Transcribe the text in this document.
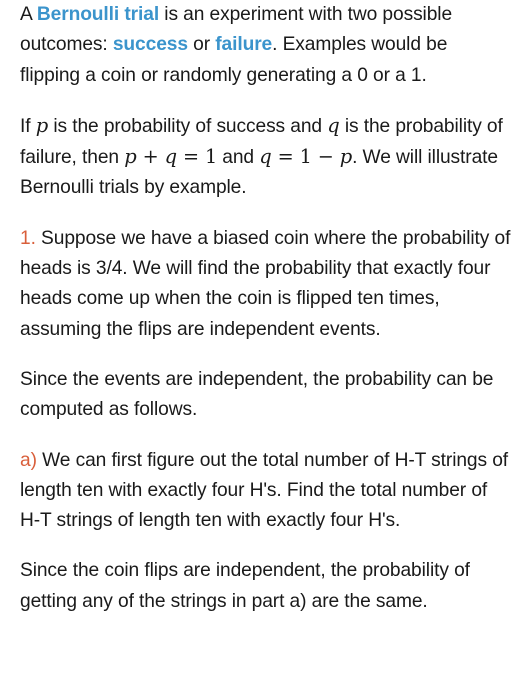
A Bernoulli trial is an experiment with two possible outcomes: success or failure. Examples would be flipping a coin or randomly generating a 0 or a 1.

If p is the probability of success and q is the probability of failure, then p + q = 1 and q = 1 − p. We will illustrate Bernoulli trials by example.

1. Suppose we have a biased coin where the probability of heads is 3/4. We will find the probability that exactly four heads come up when the coin is flipped ten times, assuming the flips are independent events.

Since the events are independent, the probability can be computed as follows.

a) We can first figure out the total number of H-T strings of length ten with exactly four H's. Find the total number of H-T strings of length ten with exactly four H's.

Since the coin flips are independent, the probability of getting any of the strings in part a) are the same.
